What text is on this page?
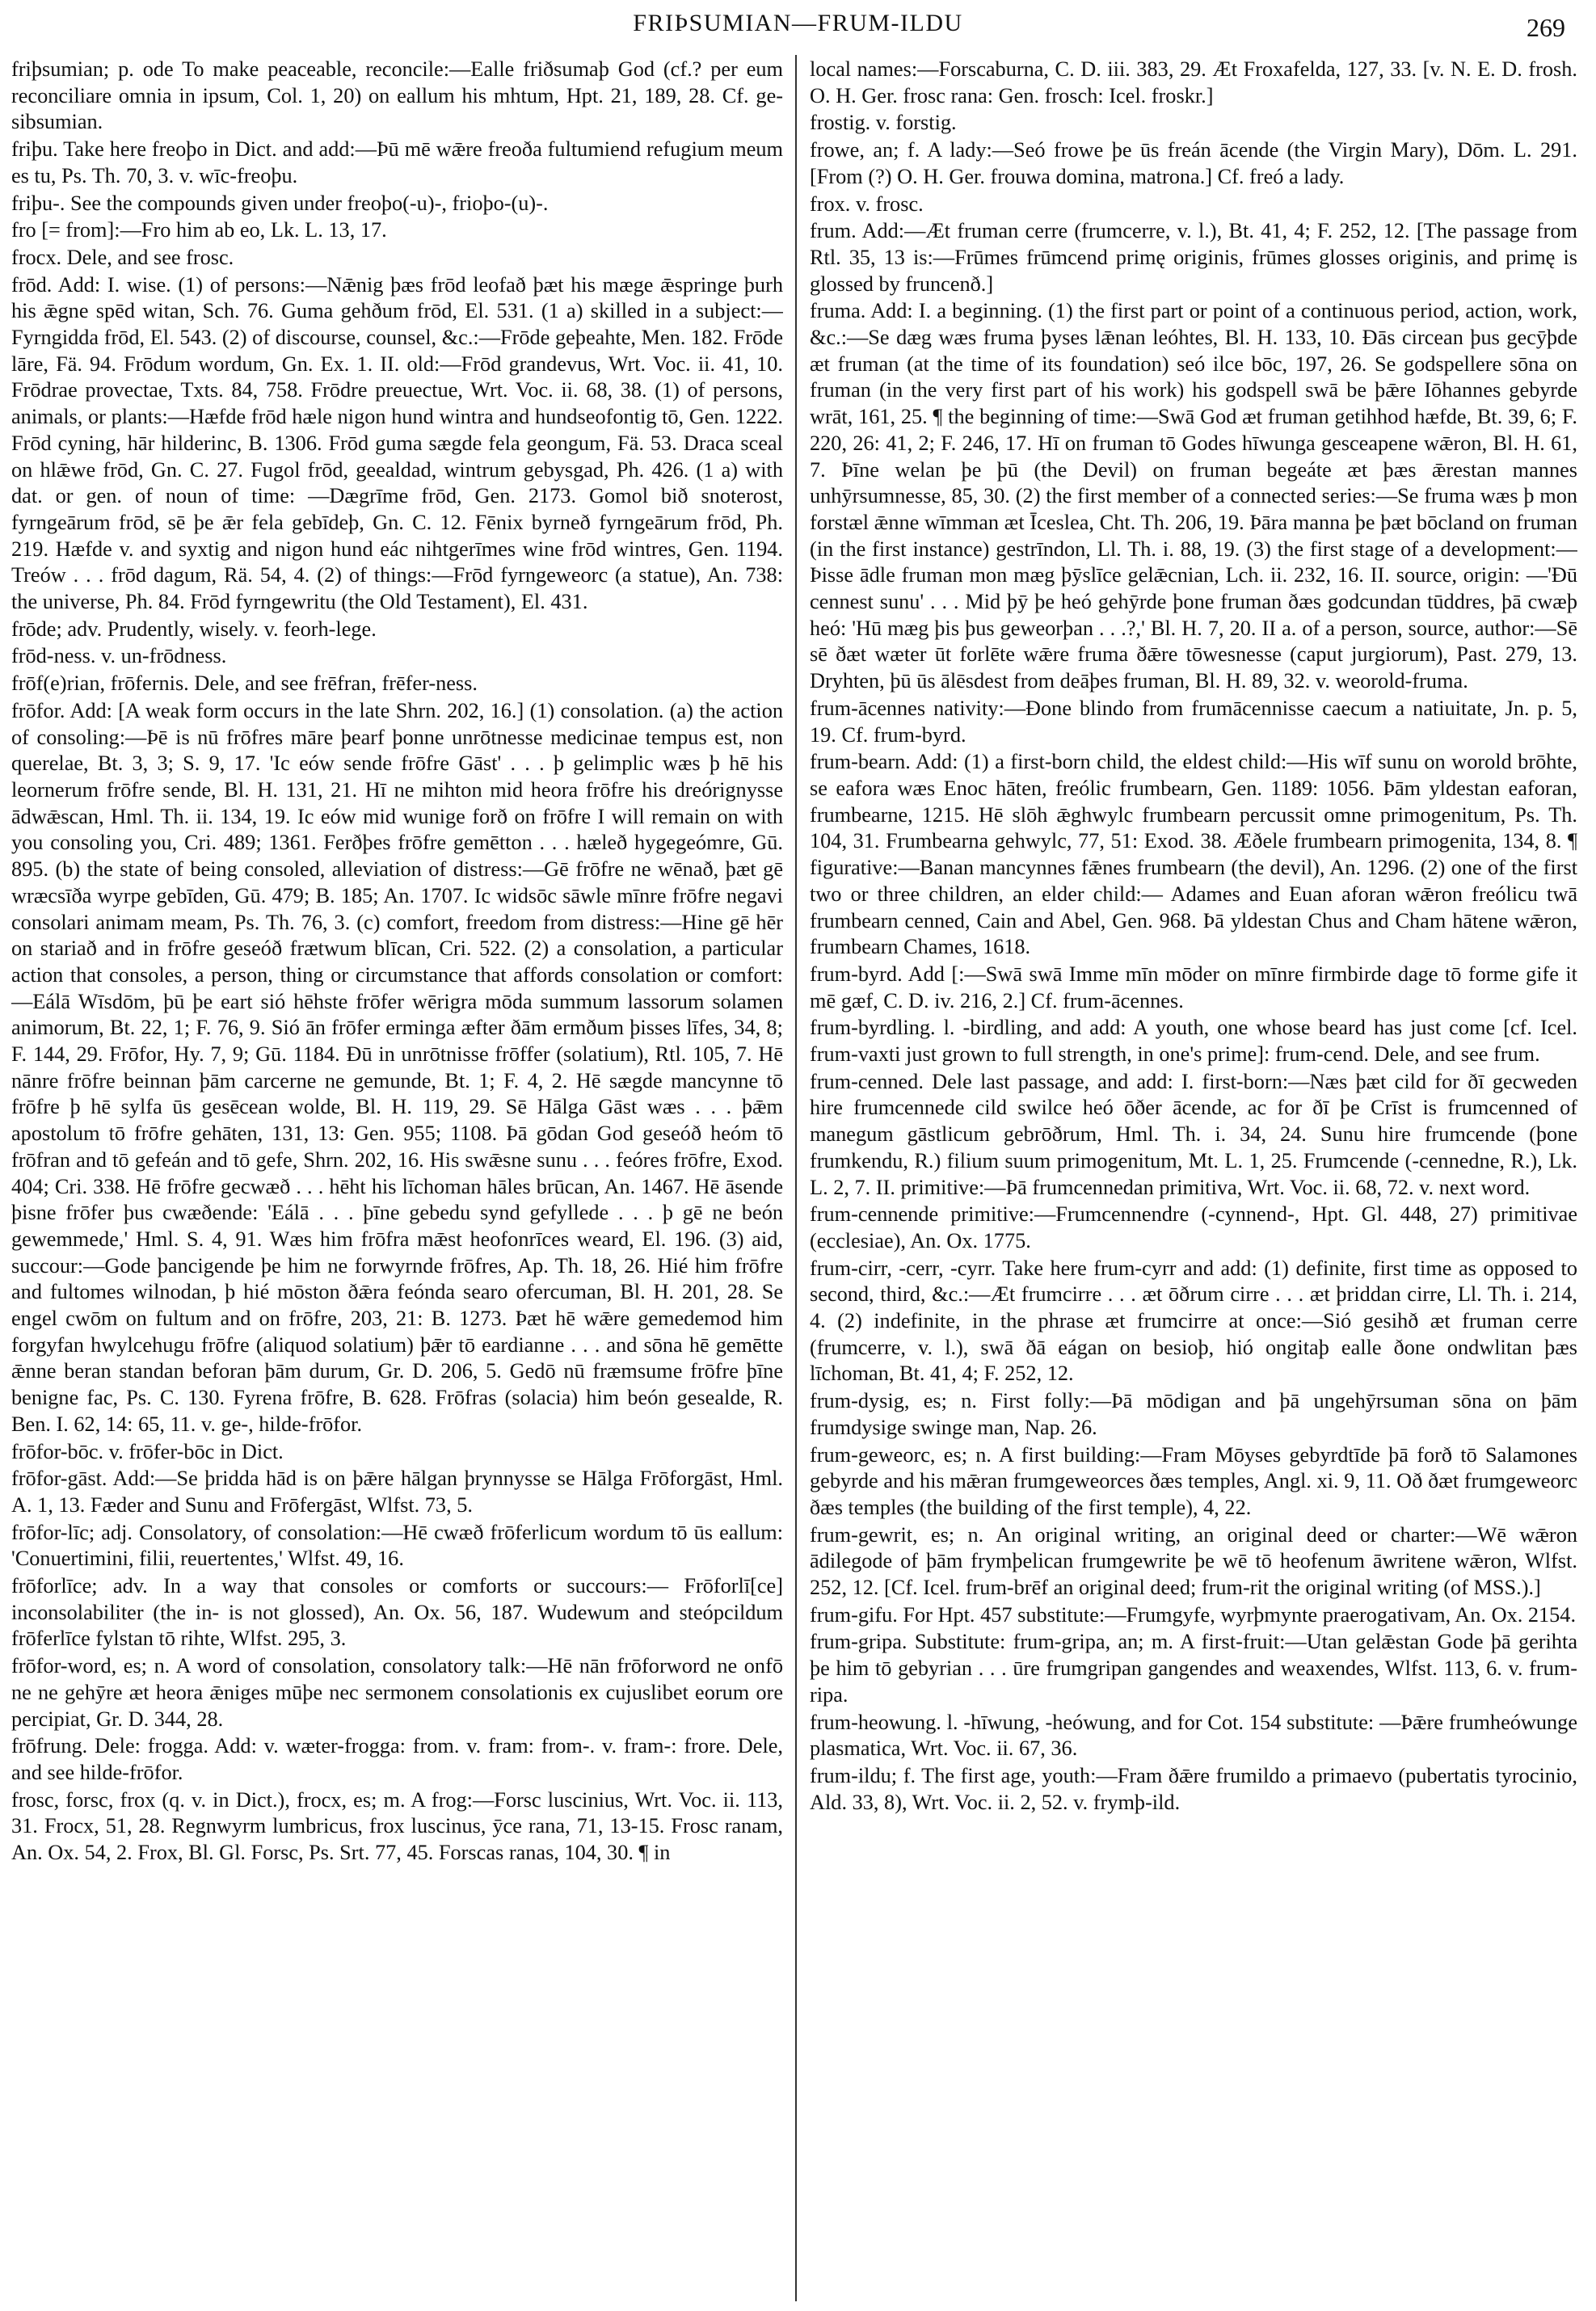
FRIÞSUMIAN—FRUM-ILDU	269

friþsumian; p. ode To make peaceable, reconcile:—Ealle friðsumaþ God (cf.? per eum reconciliare omnia in ipsum, Col. 1, 20) on eallum his mhtum, Hpt. 21, 189, 28. Cf. ge-sibsumian.

friþu. Take here freoþo in Dict. and add:—Þū mē wǣre freoða fultumiend refugium meum es tu, Ps. Th. 70, 3. v. wīc-freoþu.

friþu-. See the compounds given under freoþo(-u)-, frioþo-(u)-.

fro [= from]:—Fro him ab eo, Lk. L. 13, 17.

frocx. Dele, and see frosc.

frōd. Add: I. wise. (1) of persons:—Nǣnig þæs frōd leofað þæt his mæge ǣspringe þurh his ǣgne spēd witan, Sch. 76. Guma gehðum frōd, El. 531. (1 a) skilled in a subject:—Fyrngidda frōd, El. 543. (2) of discourse, counsel, &c.:—Frōde geþeahte, Men. 182. Frōde lāre, Fä. 94. Frōdum wordum, Gn. Ex. 1. II. old:—Frōd grandevus, Wrt. Voc. ii. 41, 10. Frōdrae provectae, Txts. 84, 758. Frōdre preuectue, Wrt. Voc. ii. 68, 38. (1) of persons, animals, or plants:—Hæfde frōd hæle nigon hund wintra and hundseofontig tō, Gen. 1222. Frōd cyning, hār hilderinc, B. 1306. Frōd guma sægde fela geongum, Fä. 53. Draca sceal on hlǣwe frōd, Gn. C. 27. Fugol frōd, geealdad, wintrum gebysgad, Ph. 426. (1 a) with dat. or gen. of noun of time: —Dægrīme frōd, Gen. 2173. Gomol bið snoterost, fyrngeārum frōd, sē þe ǣr fela gebīdeþ, Gn. C. 12. Fēnix byrneð fyrngeārum frōd, Ph. 219. Hæfde v. and syxtig and nigon hund eác nihtgerīmes wine frōd wintres, Gen. 1194. Treów . . . frōd dagum, Rä. 54, 4. (2) of things:—Frōd fyrngeweorc (a statue), An. 738: the universe, Ph. 84. Frōd fyrngewritu (the Old Testament), El. 431.

frōde; adv. Prudently, wisely. v. feorh-lege.

frōd-ness. v. un-frōdness.

frōf(e)rian, frōfernis. Dele, and see frēfran, frēfer-ness.

frōfor. Add: [A weak form occurs in the late Shrn. 202, 16.] (1) consolation. (a) the action of consoling:—Þē is nū frōfres māre þearf þonne unrōtnesse medicinae tempus est, non querelae, Bt. 3, 3; S. 9, 17. 'Ic eów sende frōfre Gāst' . . . þ gelimplic wæs þ hē his leornerum frōfre sende, Bl. H. 131, 21. Hī ne mihton mid heora frōfre his dreórignysse ādwǣscan, Hml. Th. ii. 134, 19. Ic eów mid wunige forð on frōfre I will remain on with you consoling you, Cri. 489; 1361. Ferðþes frōfre gemētton . . . hæleð hygegeómre, Gū. 895. (b) the state of being consoled, alleviation of distress:—Gē frōfre ne wēnað, þæt gē wræcsīða wyrpe gebīden, Gū. 479; B. 185; An. 1707. Ic widsōc sāwle mīnre frōfre negavi consolari animam meam, Ps. Th. 76, 3. (c) comfort, freedom from distress:—Hine gē hēr on stariað and in frōfre geseóð frætwum blīcan, Cri. 522. (2) a consolation, a particular action that consoles, a person, thing or circumstance that affords consolation or comfort:—Eálā Wīsdōm, þū þe eart sió hēhste frōfer wērigra mōda summum lassorum solamen animorum, Bt. 22, 1; F. 76, 9. Sió ān frōfer erminga æfter ðām ermðum þisses līfes, 34, 8; F. 144, 29. Frōfor, Hy. 7, 9; Gū. 1184. Ðū in unrōtnisse frōffer (solatium), Rtl. 105, 7. Hē nānre frōfre beinnan þām carcerne ne gemunde, Bt. 1; F. 4, 2. Hē sægde mancynne tō frōfre þ hē sylfa ūs gesēcean wolde, Bl. H. 119, 29. Sē Hālga Gāst wæs . . . þǣm apostolum tō frōfre gehāten, 131, 13: Gen. 955; 1108. Þā gōdan God geseóð heóm tō frōfran and tō gefeán and tō gefe, Shrn. 202, 16. His swǣsne sunu . . . feóres frōfre, Exod. 404; Cri. 338. Hē frōfre gecwæð . . . hēht his līchoman hāles brūcan, An. 1467. Hē āsende þisne frōfer þus cwæðende: 'Eálā . . . þīne gebedu synd gefyllede . . . þ gē ne beón gewemmede,' Hml. S. 4, 91. Wæs him frōfra mǣst heofonrīces weard, El. 196. (3) aid, succour:—Gode þancigende þe him ne forwyrnde frōfres, Ap. Th. 18, 26. Hié him frōfre and fultomes wilnodan, þ hié mōston ðǣra feónda searo ofercuman, Bl. H. 201, 28. Se engel cwōm on fultum and on frōfre, 203, 21: B. 1273. Þæt hē wǣre gemedemod him forgyfan hwylcehugu frōfre (aliquod solatium) þǣr tō eardianne . . . and sōna hē gemētte ǣnne beran standan beforan þām durum, Gr. D. 206, 5. Gedō nū fræmsume frōfre þīne benigne fac, Ps. C. 130. Fyrena frōfre, B. 628. Frōfras (solacia) him beón gesealde, R. Ben. I. 62, 14: 65, 11. v. ge-, hilde-frōfor.

frōfor-bōc. v. frōfer-bōc in Dict.

frōfor-gāst. Add:—Se þridda hād is on þǣre hālgan þrynnysse se Hālga Frōforgāst, Hml. A. 1, 13. Fæder and Sunu and Frōfergāst, Wlfst. 73, 5.

frōfor-līc; adj. Consolatory, of consolation:—Hē cwæð frōferlicum wordum tō ūs eallum: 'Conuertimini, filii, reuertentes,' Wlfst. 49, 16.

frōforlīce; adv. In a way that consoles or comforts or succours:— Frōforlī[ce] inconsolabiliter (the in- is not glossed), An. Ox. 56, 187. Wudewum and steópcildum frōferlīce fylstan tō rihte, Wlfst. 295, 3.

frōfor-word, es; n. A word of consolation, consolatory talk:—Hē nān frōforword ne onfō ne ne gehȳre æt heora ǣniges mūþe nec sermonem consolationis ex cujuslibet eorum ore percipiat, Gr. D. 344, 28.

frōfrung. Dele: frogga. Add: v. wæter-frogga: from. v. fram: from-. v. fram-: frore. Dele, and see hilde-frōfor.

frosc, forsc, frox (q. v. in Dict.), frocx, es; m. A frog:—Forsc luscinius, Wrt. Voc. ii. 113, 31. Frocx, 51, 28. Regnwyrm lumbricus, frox luscinus, ȳce rana, 71, 13-15. Frosc ranam, An. Ox. 54, 2. Frox, Bl. Gl. Forsc, Ps. Srt. 77, 45. Forscas ranas, 104, 30. ¶ in

local names:—Forscaburna, C. D. iii. 383, 29. Æt Froxafelda, 127, 33. [v. N. E. D. frosh. O. H. Ger. frosc rana: Gen. frosch: Icel. froskr.]

frostig. v. forstig.

frowe, an; f. A lady:—Seó frowe þe ūs freán ācende (the Virgin Mary), Dōm. L. 291. [From (?) O. H. Ger. frouwa domina, matrona.] Cf. freó a lady.

frox. v. frosc.

frum. Add:—Æt fruman cerre (frumcerre, v. l.), Bt. 41, 4; F. 252, 12. [The passage from Rtl. 35, 13 is:—Frūmes frūmcend primę originis, frūmes glosses originis, and primę is glossed by fruncenð.]

fruma. Add: I. a beginning. (1) the first part or point of a continuous period, action, work, &c.:—Se dæg wæs fruma þyses lǣnan leóhtes, Bl. H. 133, 10. Ðās circean þus gecȳþde æt fruman (at the time of its foundation) seó ilce bōc, 197, 26. Se godspellere sōna on fruman (in the very first part of his work) his godspell swā be þǣre Iōhannes gebyrde wrāt, 161, 25. ¶ the beginning of time:—Swā God æt fruman getihhod hæfde, Bt. 39, 6; F. 220, 26: 41, 2; F. 246, 17. Hī on fruman tō Godes hīwunga gesceapene wǣron, Bl. H. 61, 7. Þīne welan þe þū (the Devil) on fruman begeáte æt þæs ǣrestan mannes unhȳrsumnesse, 85, 30. (2) the first member of a connected series:—Se fruma wæs þ mon forstæl ǣnne wīmman æt Īceslea, Cht. Th. 206, 19. Þāra manna þe þæt bōcland on fruman (in the first instance) gestrīndon, Ll. Th. i. 88, 19. (3) the first stage of a development:—Þisse ādle fruman mon mæg þȳslīce gelǣcnian, Lch. ii. 232, 16. II. source, origin: —'Ðū cennest sunu' . . . Mid þȳ þe heó gehȳrde þone fruman ðæs godcundan tūddres, þā cwæþ heó: 'Hū mæg þis þus geweorþan . . .?,' Bl. H. 7, 20. II a. of a person, source, author:—Sē sē ðæt wæter ūt forlēte wǣre fruma ðǣre tōwesnesse (caput jurgiorum), Past. 279, 13. Dryhten, þū ūs ālēsdest from deāþes fruman, Bl. H. 89, 32. v. weorold-fruma.

frum-ācennes nativity:—Ðone blindo from frumācennisse caecum a natiuitate, Jn. p. 5, 19. Cf. frum-byrd.

frum-bearn. Add: (1) a first-born child, the eldest child:—His wīf sunu on worold brōhte, se eafora wæs Enoc hāten, freólic frumbearn, Gen. 1189: 1056. Þām yldestan eaforan, frumbearne, 1215. Hē slōh ǣghwylc frumbearn percussit omne primogenitum, Ps. Th. 104, 31. Frumbearna gehwylc, 77, 51: Exod. 38. Æðele frumbearn primogenita, 134, 8. ¶ figurative:—Banan mancynnes fǣnes frumbearn (the devil), An. 1296. (2) one of the first two or three children, an elder child:— Adames and Euan aforan wǣron freólicu twā frumbearn cenned, Cain and Abel, Gen. 968. Þā yldestan Chus and Cham hātene wǣron, frumbearn Chames, 1618.

frum-byrd. Add [:—Swā swā Imme mīn mōder on mīnre firmbirde dage tō forme gife it mē gæf, C. D. iv. 216, 2.] Cf. frum-ācennes.

frum-byrdling. l. -birdling, and add: A youth, one whose beard has just come [cf. Icel. frum-vaxti just grown to full strength, in one's prime]: frum-cend. Dele, and see frum.

frum-cenned. Dele last passage, and add: I. first-born:—Næs þæt cild for ðī gecweden hire frumcennede cild swilce heó ōðer ācende, ac for ðī þe Crīst is frumcenned of manegum gāstlicum gebrōðrum, Hml. Th. i. 34, 24. Sunu hire frumcende (þone frumkendu, R.) filium suum primogenitum, Mt. L. 1, 25. Frumcende (-cennedne, R.), Lk. L. 2, 7. II. primitive:—Þā frumcennedan primitiva, Wrt. Voc. ii. 68, 72. v. next word.

frum-cennende primitive:—Frumcennendre (-cynnend-, Hpt. Gl. 448, 27) primitivae (ecclesiae), An. Ox. 1775.

frum-cirr, -cerr, -cyrr. Take here frum-cyrr and add: (1) definite, first time as opposed to second, third, &c.:—Æt frumcirre . . . æt ōðrum cirre . . . æt þriddan cirre, Ll. Th. i. 214, 4. (2) indefinite, in the phrase æt frumcirre at once:—Sió gesihð æt fruman cerre (frumcerre, v. l.), swā ðā eágan on besioþ, hió ongitaþ ealle ðone ondwlitan þæs līchoman, Bt. 41, 4; F. 252, 12.

frum-dysig, es; n. First folly:—Þā mōdigan and þā ungehȳrsuman sōna on þām frumdysige swinge man, Nap. 26.

frum-geweorc, es; n. A first building:—Fram Mōyses gebyrdtīde þā forð tō Salamones gebyrde and his mǣran frumgeweorces ðæs temples, Angl. xi. 9, 11. Oð ðæt frumgeweorc ðæs temples (the building of the first temple), 4, 22.

frum-gewrit, es; n. An original writing, an original deed or charter:—Wē wǣron ādilegode of þām frymþelican frumgewrite þe wē tō heofenum āwritene wǣron, Wlfst. 252, 12. [Cf. Icel. frum-brēf an original deed; frum-rit the original writing (of MSS.).]

frum-gifu. For Hpt. 457 substitute:—Frumgyfe, wyrþmynte praerogativam, An. Ox. 2154.

frum-gripa. Substitute: frum-gripa, an; m. A first-fruit:—Utan gelǣstan Gode þā gerihta þe him tō gebyrian . . . ūre frumgripan gangendes and weaxendes, Wlfst. 113, 6. v. frum-ripa.

frum-heowung. l. -hīwung, -heówung, and for Cot. 154 substitute: —Þǣre frumheówunge plasmatica, Wrt. Voc. ii. 67, 36.

frum-ildu; f. The first age, youth:—Fram ðǣre frumildo a primaevo (pubertatis tyrocinio, Ald. 33, 8), Wrt. Voc. ii. 2, 52. v. frymþ-ild.
